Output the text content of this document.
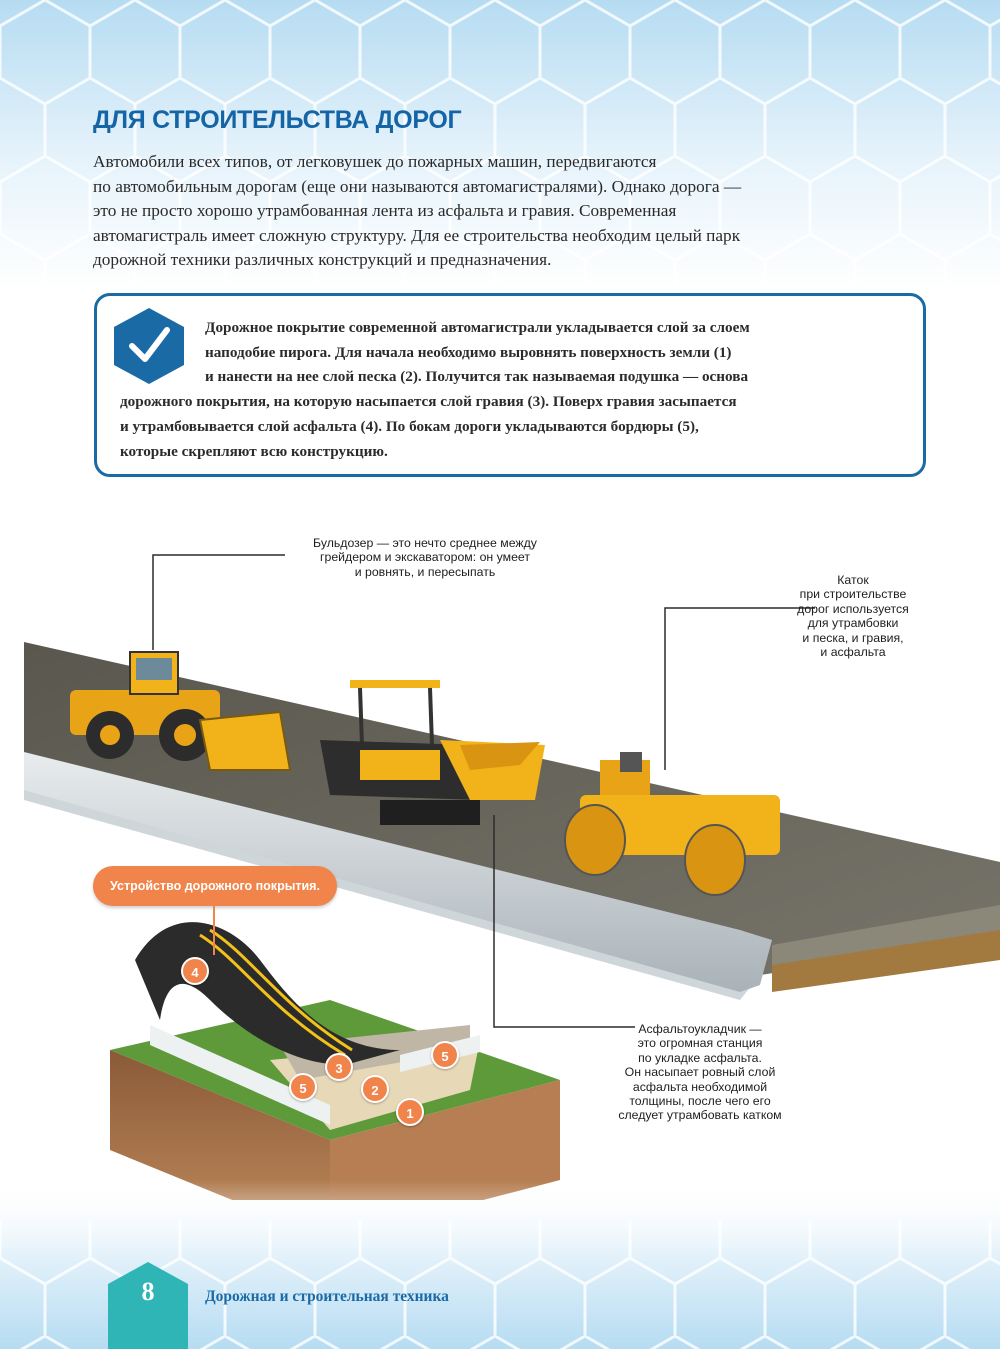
ДЛЯ СТРОИТЕЛЬСТВА ДОРОГ
Автомобили всех типов, от легковушек до пожарных машин, передвигаются
по автомобильным дорогам (еще они называются автомагистралями). Однако дорога —
это не просто хорошо утрамбованная лента из асфальта и гравия. Современная
автомагистраль имеет сложную структуру. Для ее строительства необходим целый парк
дорожной техники различных конструкций и предназначения.
Дорожное покрытие современной автомагистрали укладывается слой за слоем
наподобие пирога. Для начала необходимо выровнять поверхность земли (1)
и нанести на нее слой песка (2). Получится так называемая подушка — основа
дорожного покрытия, на которую насыпается слой гравия (3). Поверх гравия засыпается
и утрамбовывается слой асфальта (4). По бокам дороги укладываются бордюры (5),
которые скрепляют всю конструкцию.
Бульдозер — это нечто среднее между
грейдером и экскаватором: он умеет
и ровнять, и пересыпать
Каток
при строительстве
дорог используется
для утрамбовки
и песка, и гравия,
и асфальта
Асфальтоукладчик —
это огромная станция
по укладке асфальта.
Он насыпает ровный слой
асфальта необходимой
толщины, после чего его
следует утрамбовать катком
Устройство дорожного покрытия.
4
3
2
1
5
5
8	Дорожная и строительная техника
